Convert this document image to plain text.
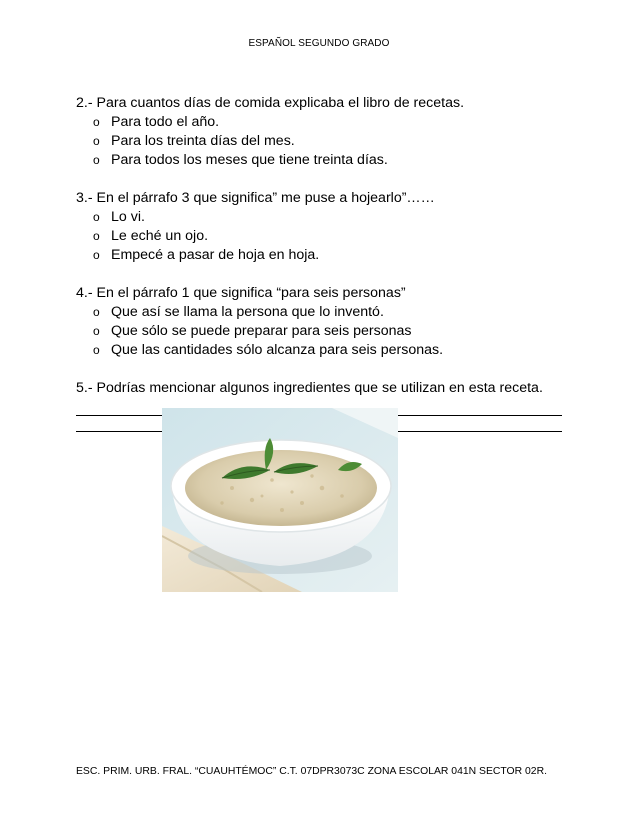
ESPAÑOL SEGUNDO GRADO
2.- Para cuantos días de comida explicaba el libro de recetas.
o Para todo el año.
o Para los treinta días del mes.
o Para todos los meses que tiene treinta días.
3.- En el párrafo 3 que significa” me puse a hojearlo”……
o Lo vi.
o Le eché un ojo.
o Empecé a pasar de hoja en hoja.
4.- En el párrafo 1 que significa “para seis personas”
o Que así se llama la persona que lo inventó.
o Que sólo se puede preparar para seis personas
o Que las cantidades sólo alcanza para seis personas.
5.- Podrías mencionar algunos ingredientes que se utilizan en esta receta.
ESC. PRIM. URB. FRAL. “CUAUHTÉMOC” C.T. 07DPR3073C ZONA ESCOLAR 041N SECTOR 02R.
